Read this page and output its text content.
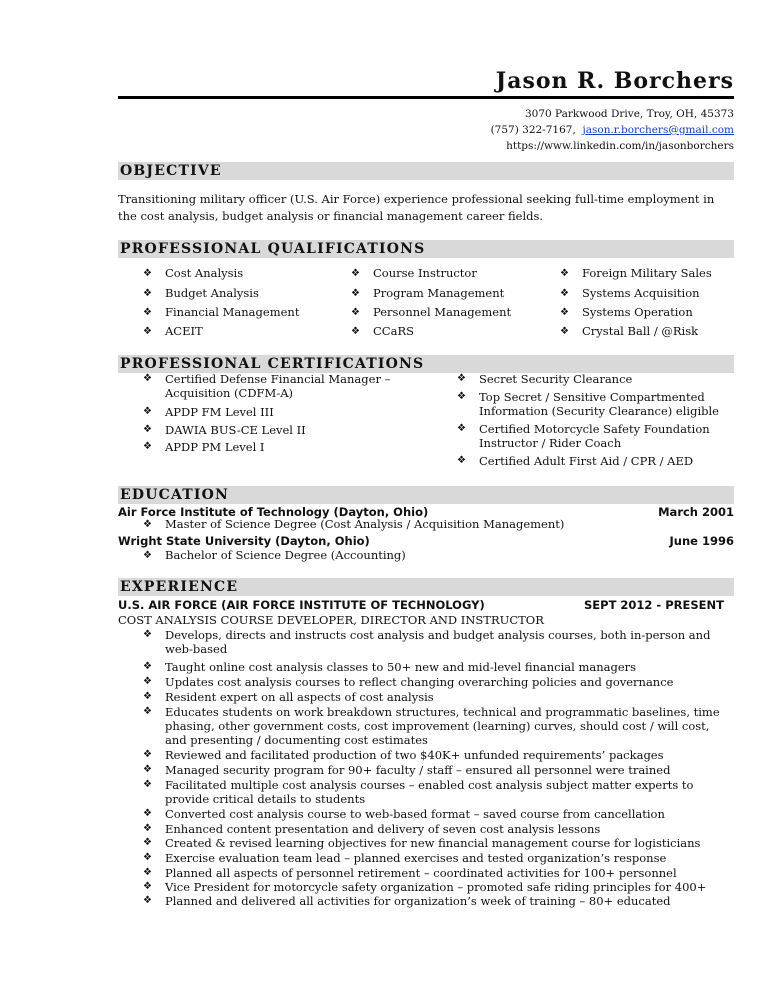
Jason R. Borchers
3070 Parkwood Drive, Troy, OH, 45373
(757) 322-7167, jason.r.borchers@gmail.com
https://www.linkedin.com/in/jasonborchers
OBJECTIVE
Transitioning military officer (U.S. Air Force) experience professional seeking full-time employment in the cost analysis, budget analysis or financial management career fields.
PROFESSIONAL QUALIFICATIONS
❖ Cost Analysis
❖ Budget Analysis
❖ Financial Management
❖ ACEIT
❖ Course Instructor
❖ Program Management
❖ Personnel Management
❖ CCaRS
❖ Foreign Military Sales
❖ Systems Acquisition
❖ Systems Operation
❖ Crystal Ball / @Risk
PROFESSIONAL CERTIFICATIONS
❖ Certified Defense Financial Manager – Acquisition (CDFM-A)
❖ APDP FM Level III
❖ DAWIA BUS-CE Level II
❖ APDP PM Level I
❖ Secret Security Clearance
❖ Top Secret / Sensitive Compartmented Information (Security Clearance) eligible
❖ Certified Motorcycle Safety Foundation Instructor / Rider Coach
❖ Certified Adult First Aid / CPR / AED
EDUCATION
Air Force Institute of Technology (Dayton, Ohio)	March 2001
❖ Master of Science Degree (Cost Analysis / Acquisition Management)
Wright State University (Dayton, Ohio)	June 1996
❖ Bachelor of Science Degree (Accounting)
EXPERIENCE
U.S. AIR FORCE (AIR FORCE INSTITUTE OF TECHNOLOGY)	SEPT 2012 - PRESENT
COST ANALYSIS COURSE DEVELOPER, DIRECTOR AND INSTRUCTOR
❖ Develops, directs and instructs cost analysis and budget analysis courses, both in-person and web-based
❖ Taught online cost analysis classes to 50+ new and mid-level financial managers
❖ Updates cost analysis courses to reflect changing overarching policies and governance
❖ Resident expert on all aspects of cost analysis
❖ Educates students on work breakdown structures, technical and programmatic baselines, time phasing, other government costs, cost improvement (learning) curves, should cost / will cost, and presenting / documenting cost estimates
❖ Reviewed and facilitated production of two $40K+ unfunded requirements’ packages
❖ Managed security program for 90+ faculty / staff – ensured all personnel were trained
❖ Facilitated multiple cost analysis courses – enabled cost analysis subject matter experts to provide critical details to students
❖ Converted cost analysis course to web-based format – saved course from cancellation
❖ Enhanced content presentation and delivery of seven cost analysis lessons
❖ Created & revised learning objectives for new financial management course for logisticians
❖ Exercise evaluation team lead – planned exercises and tested organization’s response
❖ Planned all aspects of personnel retirement – coordinated activities for 100+ personnel
❖ Vice President for motorcycle safety organization – promoted safe riding principles for 400+
❖ Planned and delivered all activities for organization’s week of training – 80+ educated
